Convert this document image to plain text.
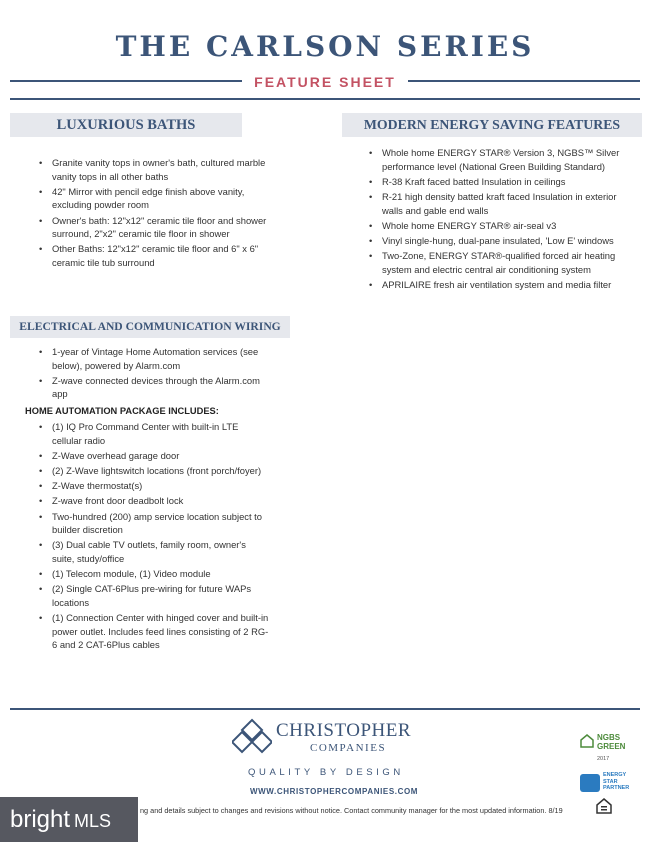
THE CARLSON SERIES
FEATURE SHEET
LUXURIOUS BATHS
• Granite vanity tops in owner's bath, cultured marble vanity tops in all other baths
• 42" Mirror with pencil edge finish above vanity, excluding powder room
• Owner's bath: 12"x12" ceramic tile floor and shower surround, 2"x2" ceramic tile floor in shower
• Other Baths: 12"x12" ceramic tile floor and 6" x 6" ceramic tile tub surround
MODERN ENERGY SAVING FEATURES
• Whole home ENERGY STAR® Version 3, NGBS™ Silver performance level (National Green Building Standard)
• R-38 Kraft faced batted Insulation in ceilings
• R-21 high density batted kraft faced Insulation in exterior walls and gable end walls
• Whole home ENERGY STAR® air-seal v3
• Vinyl single-hung, dual-pane insulated, 'Low E' windows
• Two-Zone, ENERGY STAR®-qualified forced air heating system and electric central air conditioning system
• APRILAIRE fresh air ventilation system and media filter
ELECTRICAL AND COMMUNICATION WIRING
• 1-year of Vintage Home Automation services (see below), powered by Alarm.com
• Z-wave connected devices through the Alarm.com app
HOME AUTOMATION PACKAGE INCLUDES:
• (1) IQ Pro Command Center with built-in LTE cellular radio
• Z-Wave overhead garage door
• (2) Z-Wave lightswitch locations (front porch/foyer)
• Z-Wave thermostat(s)
• Z-wave front door deadbolt lock
• Two-hundred (200) amp service location subject to builder discretion
• (3) Dual cable TV outlets, family room, owner's suite, study/office
• (1) Telecom module, (1) Video module
• (2) Single CAT-6Plus pre-wiring for future WAPs locations
• (1) Connection Center with hinged cover and built-in power outlet. Includes feed lines consisting of 2 RG-6 and 2 CAT-6Plus cables
CHRISTOPHER
COMPANIES
QUALITY BY DESIGN
WWW.CHRISTOPHERCOMPANIES.COM
ng and details subject to changes and revisions without notice. Contact community manager for the most updated information. 8/19
NGBS
GREEN
2017
ENERGY
STAR
PARTNER
bright MLS
